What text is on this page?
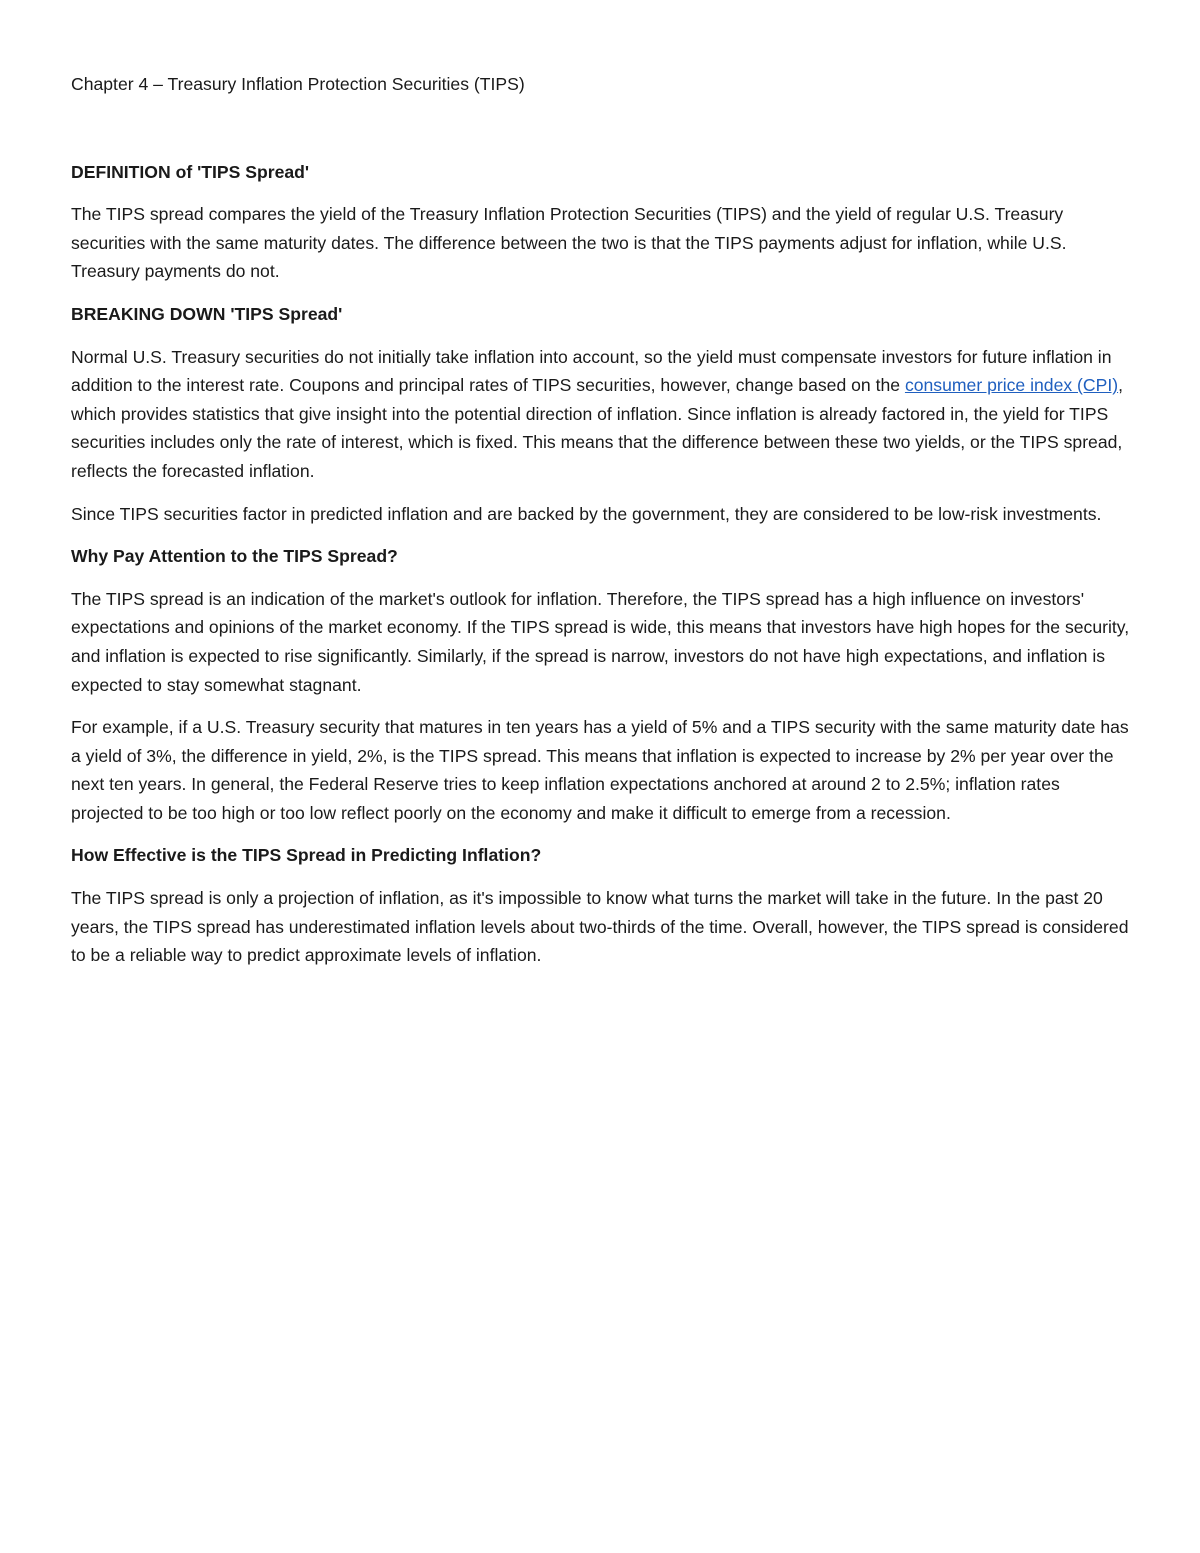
Chapter 4 – Treasury Inflation Protection Securities (TIPS)
DEFINITION of 'TIPS Spread'

The TIPS spread compares the yield of the Treasury Inflation Protection Securities (TIPS) and the yield of regular U.S. Treasury securities with the same maturity dates. The difference between the two is that the TIPS payments adjust for inflation, while U.S. Treasury payments do not.

BREAKING DOWN 'TIPS Spread'

Normal U.S. Treasury securities do not initially take inflation into account, so the yield must compensate investors for future inflation in addition to the interest rate. Coupons and principal rates of TIPS securities, however, change based on the consumer price index (CPI), which provides statistics that give insight into the potential direction of inflation. Since inflation is already factored in, the yield for TIPS securities includes only the rate of interest, which is fixed. This means that the difference between these two yields, or the TIPS spread, reflects the forecasted inflation.

Since TIPS securities factor in predicted inflation and are backed by the government, they are considered to be low-risk investments.

Why Pay Attention to the TIPS Spread?

The TIPS spread is an indication of the market's outlook for inflation. Therefore, the TIPS spread has a high influence on investors' expectations and opinions of the market economy. If the TIPS spread is wide, this means that investors have high hopes for the security, and inflation is expected to rise significantly. Similarly, if the spread is narrow, investors do not have high expectations, and inflation is expected to stay somewhat stagnant.

For example, if a U.S. Treasury security that matures in ten years has a yield of 5% and a TIPS security with the same maturity date has a yield of 3%, the difference in yield, 2%, is the TIPS spread. This means that inflation is expected to increase by 2% per year over the next ten years. In general, the Federal Reserve tries to keep inflation expectations anchored at around 2 to 2.5%; inflation rates projected to be too high or too low reflect poorly on the economy and make it difficult to emerge from a recession.

How Effective is the TIPS Spread in Predicting Inflation?

The TIPS spread is only a projection of inflation, as it's impossible to know what turns the market will take in the future. In the past 20 years, the TIPS spread has underestimated inflation levels about two-thirds of the time. Overall, however, the TIPS spread is considered to be a reliable way to predict approximate levels of inflation.
